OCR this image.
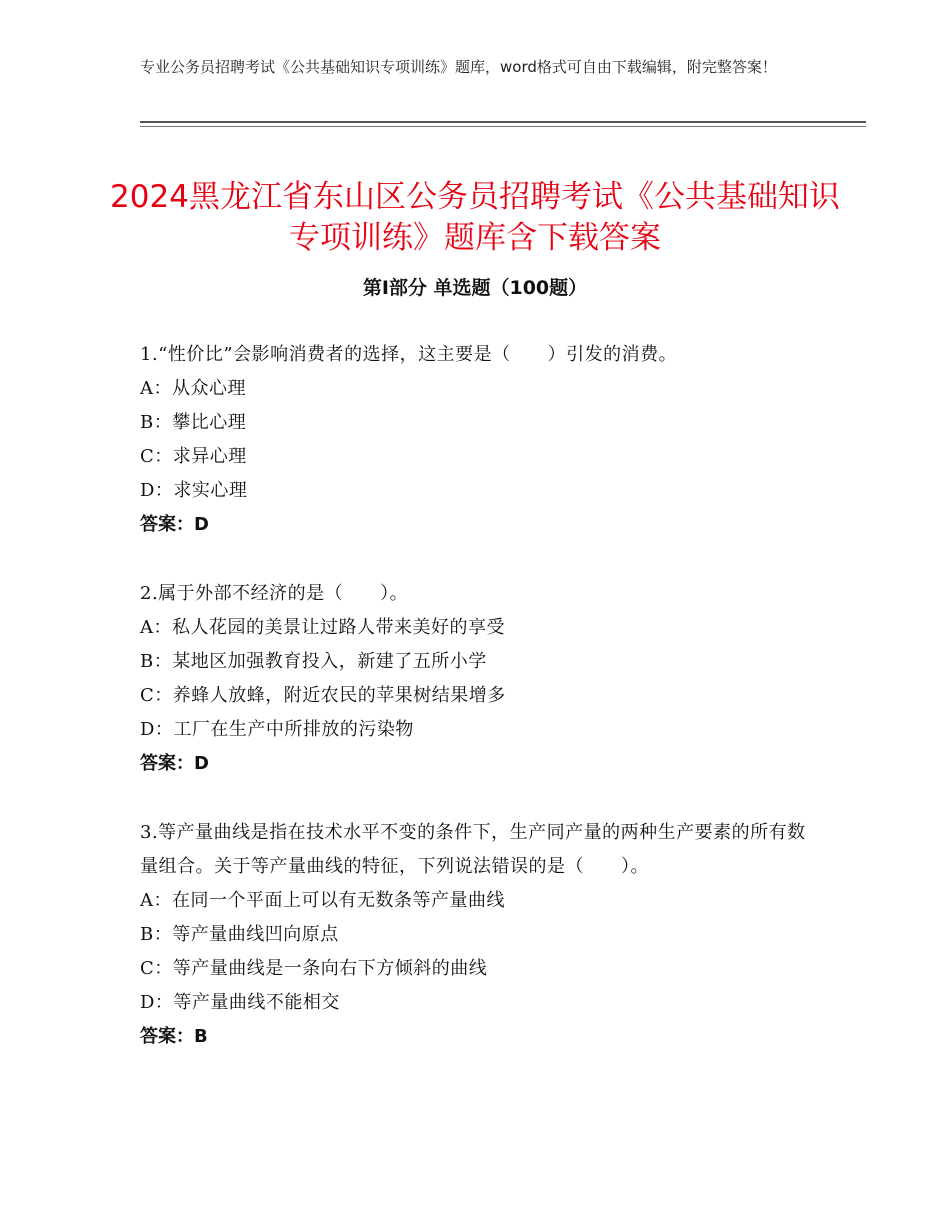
专业公务员招聘考试《公共基础知识专项训练》题库，word格式可自由下载编辑，附完整答案！
2024黑龙江省东山区公务员招聘考试《公共基础知识专项训练》题库含下载答案
第Ⅰ部分 单选题（100题）
1.“性价比”会影响消费者的选择，这主要是（　　）引发的消费。
A：从众心理
B：攀比心理
C：求异心理
D：求实心理
答案：D
2.属于外部不经济的是（　　）。
A：私人花园的美景让过路人带来美好的享受
B：某地区加强教育投入，新建了五所小学
C：养蜂人放蜂，附近农民的苹果树结果增多
D：工厂在生产中所排放的污染物
答案：D
3.等产量曲线是指在技术水平不变的条件下，生产同产量的两种生产要素的所有数量组合。关于等产量曲线的特征，下列说法错误的是（　　）。
A：在同一个平面上可以有无数条等产量曲线
B：等产量曲线凹向原点
C：等产量曲线是一条向右下方倾斜的曲线
D：等产量曲线不能相交
答案：B
